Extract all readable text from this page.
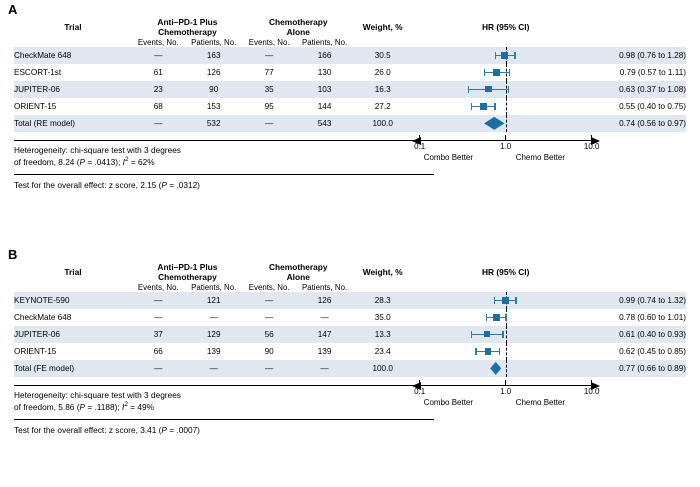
A
Trial	Anti–PD-1 Plus
Chemotherapy		Chemotherapy
Alone		Weight, %	HR (95% CI)	
	Events, No.	Patients, No.	Events, No.	Patients, No.			
CheckMate 648	—	163	—	166	30.5		0.98 (0.76 to 1.28)
ESCORT-1st	61	126	77	130	26.0		0.79 (0.57 to 1.11)
JUPITER-06	23	90	35	103	16.3		0.63 (0.37 to 1.08)
ORIENT-15	68	153	95	144	27.2		0.55 (0.40 to 0.75)
Total (RE model)	—	532	—	543	100.0		0.74 (0.56 to 0.97)
0.1	1.0	10.0
Combo Better	Chemo Better
Heterogeneity: chi-square test with 3 degrees
of freedom, 8.24 (P = .0413); $I^2 = 62\%$
Test for the overall effect: z score, 2.15 (P = .0312)
B
Trial	Anti–PD-1 Plus
Chemotherapy		Chemotherapy
Alone		Weight, %	HR (95% CI)	
	Events, No.	Patients, No.	Events, No.	Patients, No.			
KEYNOTE-590	—	121	—	126	28.3		0.99 (0.74 to 1.32)
CheckMate 648	—	—	—	—	35.0		0.78 (0.60 to 1.01)
JUPITER-06	37	129	56	147	13.3		0.61 (0.40 to 0.93)
ORIENT-15	66	139	90	139	23.4		0.62 (0.45 to 0.85)
Total (FE model)	—	—	—	—	100.0		0.77 (0.66 to 0.89)
0.1	1.0	10.0
Combo Better	Chemo Better
Heterogeneity: chi-square test with 3 degrees
of freedom, 5.86 (P = .1188); $I^2 = 49\%$
Test for the overall effect: z score, 3.41 (P = .0007)
